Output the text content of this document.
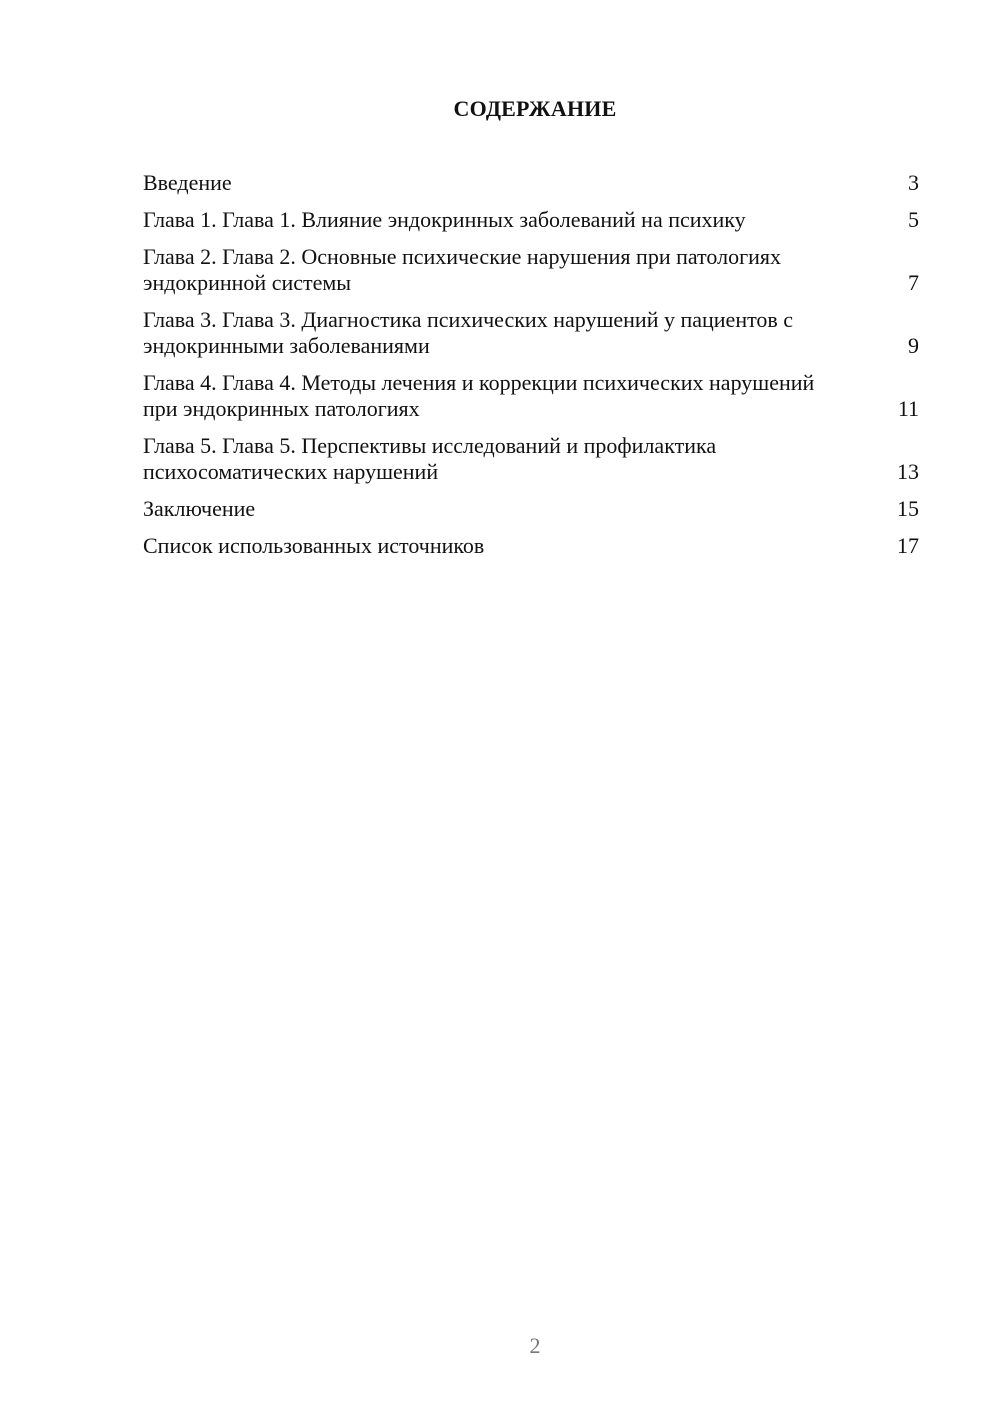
СОДЕРЖАНИЕ
Введение	3
Глава 1. Глава 1. Влияние эндокринных заболеваний на психику	5
Глава 2. Глава 2. Основные психические нарушения при патологиях эндокринной системы	7
Глава 3. Глава 3. Диагностика психических нарушений у пациентов с эндокринными заболеваниями	9
Глава 4. Глава 4. Методы лечения и коррекции психических нарушений при эндокринных патологиях	11
Глава 5. Глава 5. Перспективы исследований и профилактика психосоматических нарушений	13
Заключение	15
Список использованных источников	17
2
